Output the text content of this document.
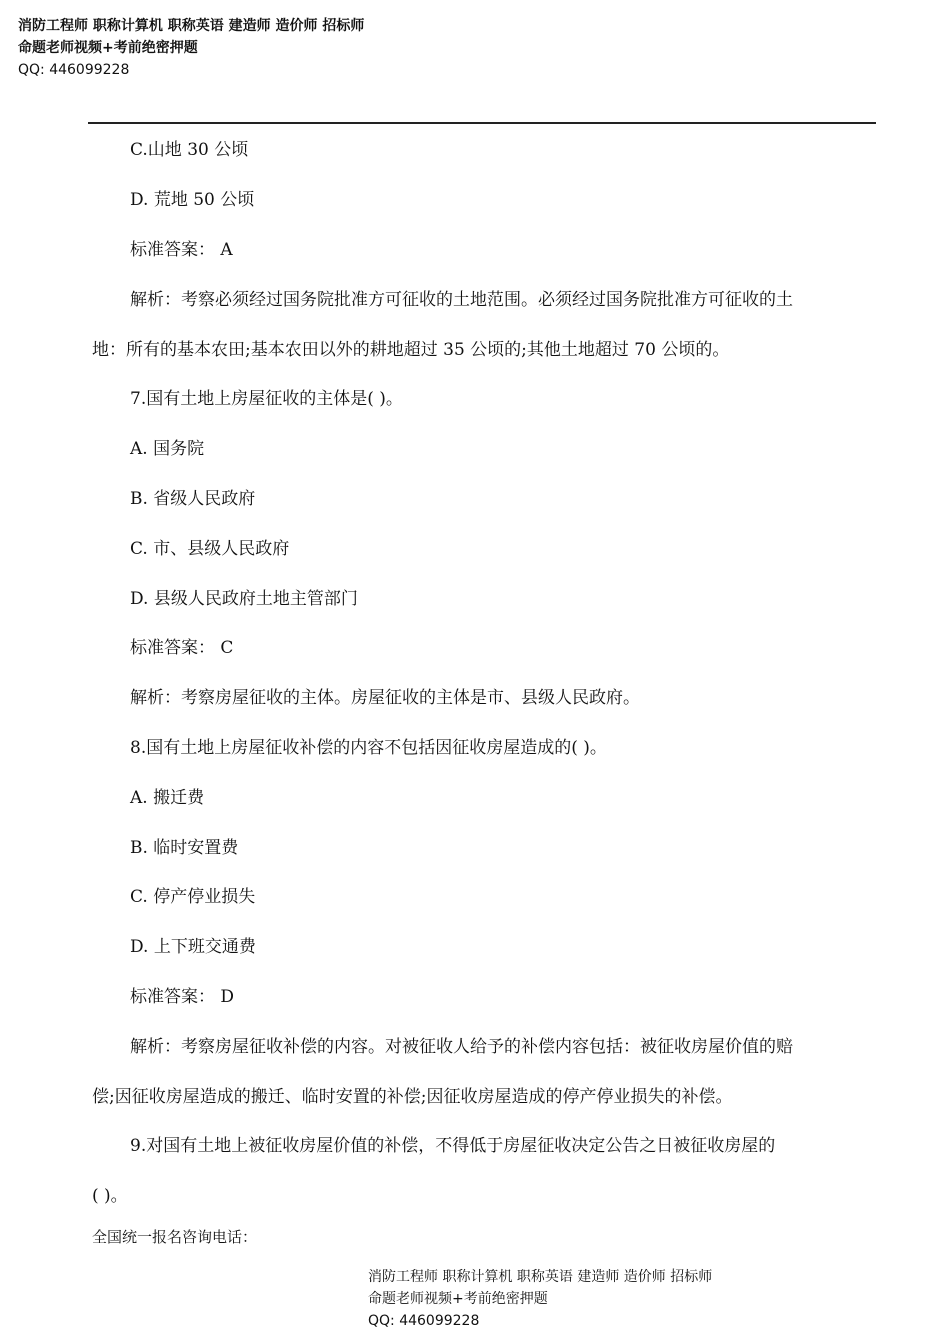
消防工程师 职称计算机 职称英语 建造师 造价师 招标师
命题老师视频+考前绝密押题
QQ: 446099228
C.山地 30 公顷
D. 荒地 50 公顷
标准答案： A
解析：考察必须经过国务院批准方可征收的土地范围。必须经过国务院批准方可征收的土
地：所有的基本农田;基本农田以外的耕地超过 35 公顷的;其他土地超过 70 公顷的。
7.国有土地上房屋征收的主体是( )。
A. 国务院
B. 省级人民政府
C. 市、县级人民政府
D. 县级人民政府土地主管部门
标准答案： C
解析：考察房屋征收的主体。房屋征收的主体是市、县级人民政府。
8.国有土地上房屋征收补偿的内容不包括因征收房屋造成的( )。
A. 搬迁费
B. 临时安置费
C. 停产停业损失
D. 上下班交通费
标准答案： D
解析：考察房屋征收补偿的内容。对被征收人给予的补偿内容包括：被征收房屋价值的赔
偿;因征收房屋造成的搬迁、临时安置的补偿;因征收房屋造成的停产停业损失的补偿。
9.对国有土地上被征收房屋价值的补偿，不得低于房屋征收决定公告之日被征收房屋的
( )。
全国统一报名咨询电话：
消防工程师 职称计算机 职称英语 建造师 造价师 招标师
命题老师视频+考前绝密押题
QQ: 446099228
